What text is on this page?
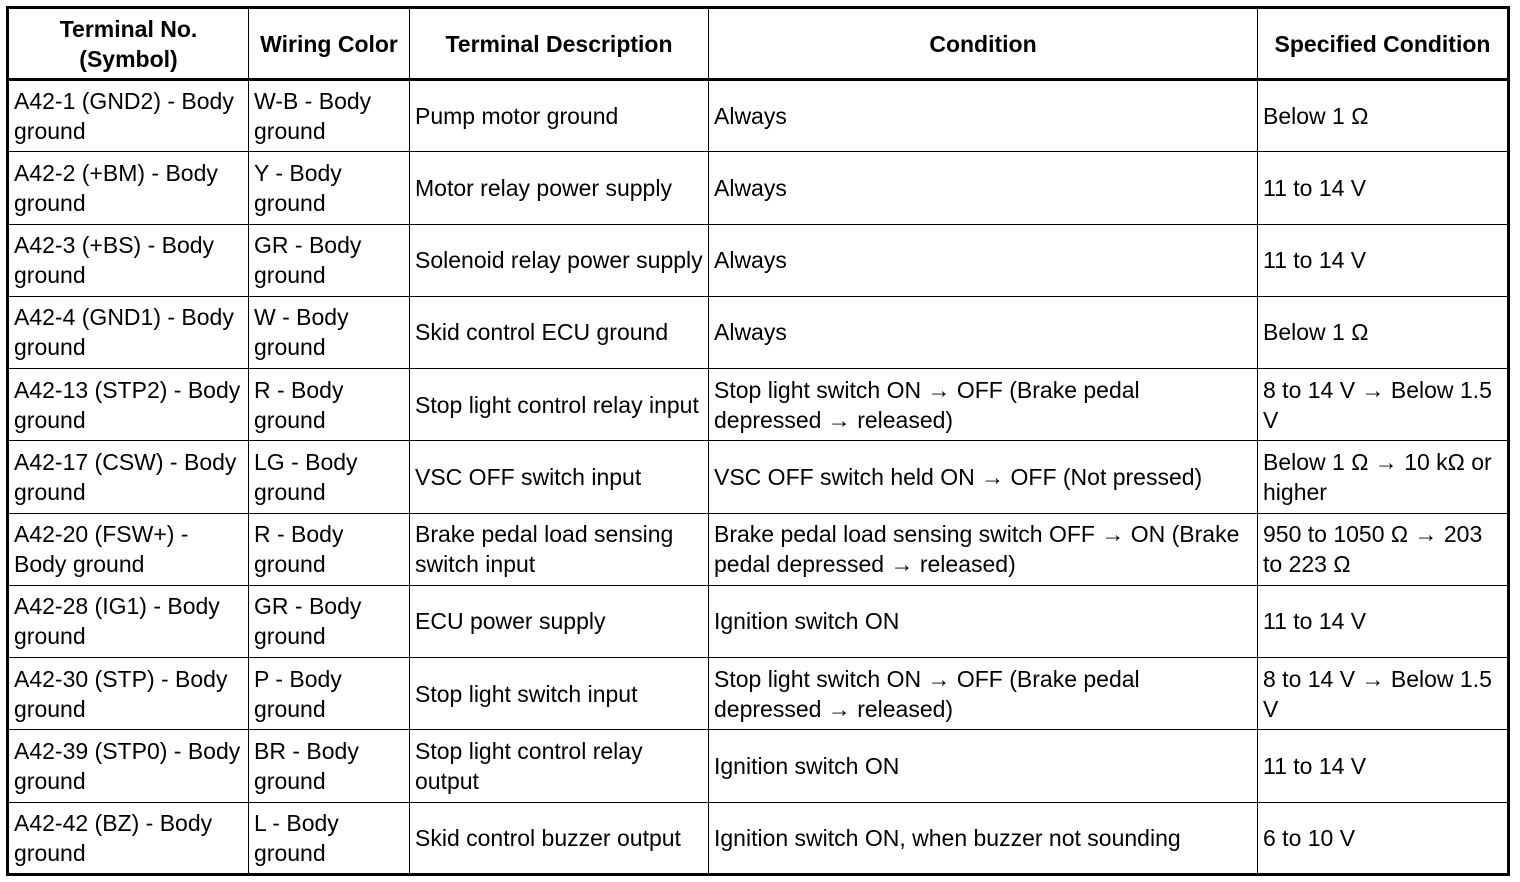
Terminal No. (Symbol)	Wiring Color	Terminal Description	Condition	Specified Condition
A42-1 (GND2) - Body ground	W-B - Body ground	Pump motor ground	Always	Below 1 Ω
A42-2 (+BM) - Body ground	Y - Body ground	Motor relay power supply	Always	11 to 14 V
A42-3 (+BS) - Body ground	GR - Body ground	Solenoid relay power supply	Always	11 to 14 V
A42-4 (GND1) - Body ground	W - Body ground	Skid control ECU ground	Always	Below 1 Ω
A42-13 (STP2) - Body ground	R - Body ground	Stop light control relay input	Stop light switch ON → OFF (Brake pedal depressed → released)	8 to 14 V → Below 1.5 V
A42-17 (CSW) - Body ground	LG - Body ground	VSC OFF switch input	VSC OFF switch held ON → OFF (Not pressed)	Below 1 Ω → 10 kΩ or higher
A42-20 (FSW+) - Body ground	R - Body ground	Brake pedal load sensing switch input	Brake pedal load sensing switch OFF → ON (Brake pedal depressed → released)	950 to 1050 Ω → 203 to 223 Ω
A42-28 (IG1) - Body ground	GR - Body ground	ECU power supply	Ignition switch ON	11 to 14 V
A42-30 (STP) - Body ground	P - Body ground	Stop light switch input	Stop light switch ON → OFF (Brake pedal depressed → released)	8 to 14 V → Below 1.5 V
A42-39 (STP0) - Body ground	BR - Body ground	Stop light control relay output	Ignition switch ON	11 to 14 V
A42-42 (BZ) - Body ground	L - Body ground	Skid control buzzer output	Ignition switch ON, when buzzer not sounding	6 to 10 V
